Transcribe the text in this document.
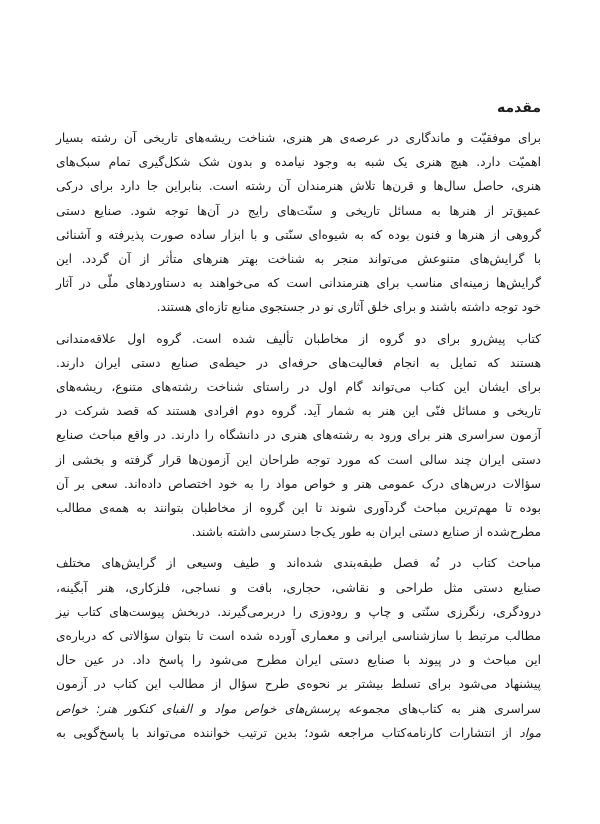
مقدمه
برای موفقیّت و ماندگاری در عرصه‌ی هر هنری، شناخت ریشه‌های تاریخی آن رشته بسیار
اهمیّت دارد. هیچ هنری یک شبه به وجود نیامده و بدون شک شکل‌گیری تمام سبک‌های
هنری، حاصل سال‌ها و قرن‌ها تلاش هنرمندان آن رشته است. بنابراین جا دارد برای درکی
عمیق‌تر از هنرها به مسائل تاریخی و سنّت‌های رایج در آن‌ها توجه شود. صنایع دستی
گروهی از هنرها و فنون بوده که به شیوه‌ای سنّتی و با ابزار ساده صورت پذیرفته و آشنائی
با گرایش‌های متنوعش می‌تواند منجر به شناخت بهتر هنرهای متأثر از آن گردد. این
گرایش‌ها زمینه‌ای مناسب برای هنرمندانی است که می‌خواهند به دستاوردهای ملّی در آثار
خود توجه داشته باشند و برای خلق آثاری نو در جستجوی منابع تازه‌ای هستند.
کتاب پیش‌رو برای دو گروه از مخاطبان تألیف شده است. گروه اول علاقه‌مندانی
هستند که تمایل به انجام فعالیت‌های حرفه‌ای در حیطه‌ی صنایع دستی ایران دارند.
برای ایشان این کتاب می‌تواند گام اول در راستای شناخت رشته‌های متنوع، ریشه‌های
تاریخی و مسائل فنّی این هنر به شمار آید. گروه دوم افرادی هستند که قصد شرکت در
آزمون سراسری هنر برای ورود به رشته‌های هنری در دانشگاه را دارند. در واقع مباحث صنایع
دستی ایران چند سالی است که مورد توجه طراحان این آزمون‌ها قرار گرفته و بخشی از
سؤالات درس‌های درک عمومی هنر و خواص مواد را به خود اختصاص داده‌اند. سعی بر آن
بوده تا مهم‌ترین مباحث گردآوری شوند تا این گروه از مخاطبان بتوانند به همه‌ی مطالب
مطرح‌شده از صنایع دستی ایران به طور یک‌جا دسترسی داشته باشند.
مباحث کتاب در نُه فصل طبقه‌بندی شده‌اند و طیف وسیعی از گرایش‌های مختلف
صنایع دستی مثل طراحی و نقاشی، حجاری، بافت و نساجی، فلزکاری، هنر آبگینه،
درودگری، رنگرزی سنّتی و چاپ و رودوزی را دربرمی‌گیرند. دربخش پیوست‌های کتاب نیز
مطالب مرتبط با سازشناسی ایرانی و معماری آورده شده است تا بتوان سؤالاتی که درباره‌ی
این مباحث و در پیوند با صنایع دستی ایران مطرح می‌شود را پاسخ داد. در عین حال
پیشنهاد می‌شود برای تسلط بیشتر بر نحوه‌ی طرح سؤال از مطالب این کتاب در آزمون
سراسری هنر به کتاب‌های مجموعه پرسش‌های خواص مواد و الفبای کنکور هنر: خواص
مواد از انتشارات کارنامه‌کتاب مراجعه شود؛ بدین ترتیب خواننده می‌تواند با پاسخ‌گویی به
